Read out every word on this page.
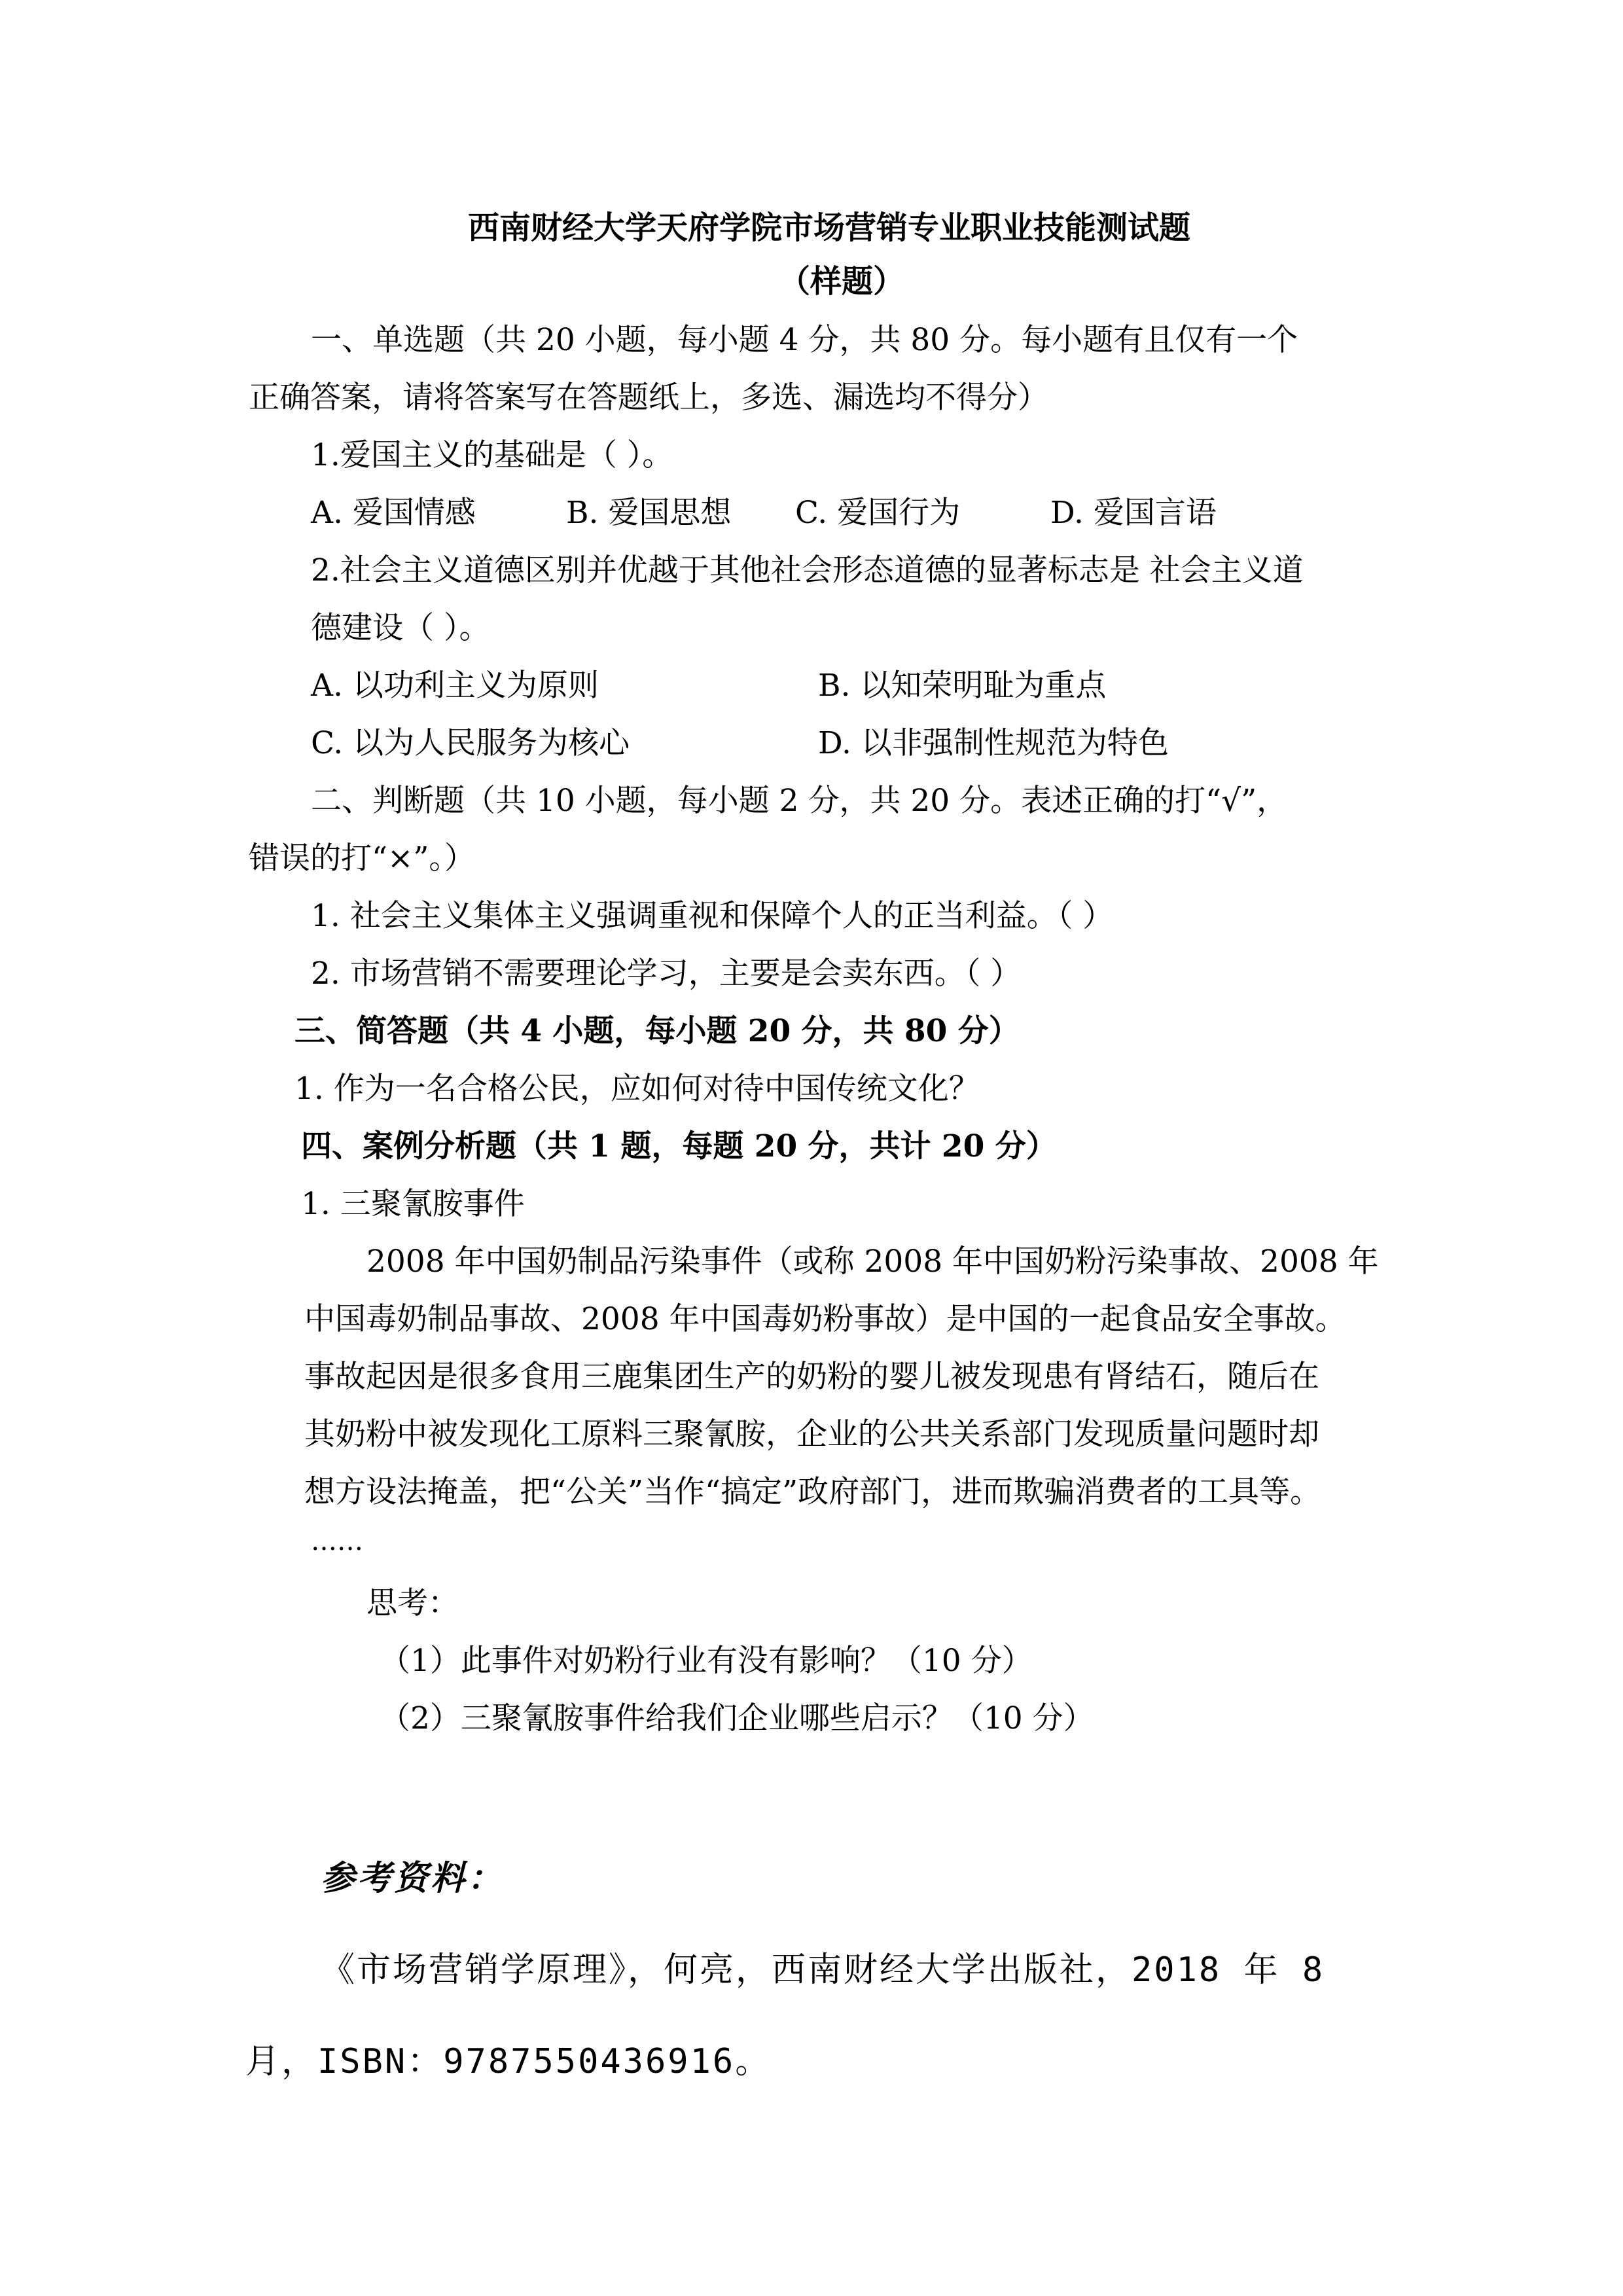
西南财经大学天府学院市场营销专业职业技能测试题
（样题）
一、单选题（共 20 小题，每小题 4 分，共 80 分。每小题有且仅有一个
正确答案，请将答案写在答题纸上，多选、漏选均不得分）
1.爱国主义的基础是（ ）。
A. 爱国情感	B. 爱国思想 C. 爱国行为	D. 爱国言语
2.社会主义道德区别并优越于其他社会形态道德的显著标志是 社会主义道
德建设（ ）。
A. 以功利主义为原则	B. 以知荣明耻为重点
C. 以为人民服务为核心	D. 以非强制性规范为特色
二、判断题（共 10 小题，每小题 2 分，共 20 分。表述正确的打“√”，
错误的打“×”。）
1. 社会主义集体主义强调重视和保障个人的正当利益。（ ）
2. 市场营销不需要理论学习，主要是会卖东西。（ ）
三、简答题（共 4 小题，每小题 20 分，共 80 分）
1. 作为一名合格公民，应如何对待中国传统文化？
四、案例分析题（共 1 题，每题 20 分，共计 20 分）
1. 三聚氰胺事件
2008 年中国奶制品污染事件（或称 2008 年中国奶粉污染事故、2008 年
中国毒奶制品事故、2008 年中国毒奶粉事故）是中国的一起食品安全事故。
事故起因是很多食用三鹿集团生产的奶粉的婴儿被发现患有肾结石，随后在
其奶粉中被发现化工原料三聚氰胺，企业的公共关系部门发现质量问题时却
想方设法掩盖，把“公关”当作“搞定”政府部门，进而欺骗消费者的工具等。
……
思考：
（1）此事件对奶粉行业有没有影响？（10 分）
（2）三聚氰胺事件给我们企业哪些启示？（10 分）
参考资料：
《市场营销学原理》，何亮，西南财经大学出版社，2018 年 8
月，ISBN：9787550436916。
